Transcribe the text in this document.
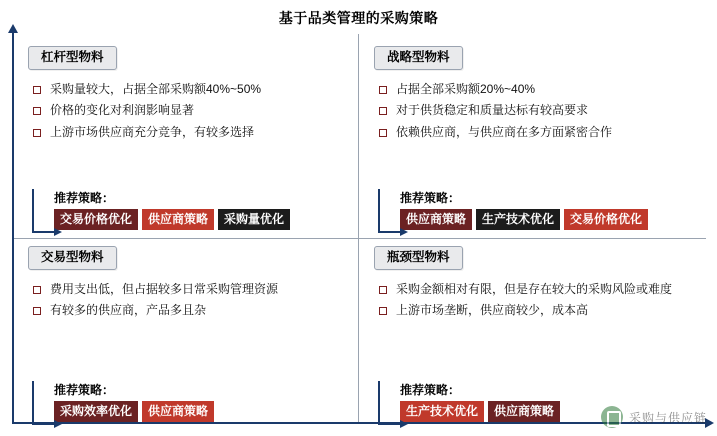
基于品类管理的采购策略
杠杆型物料
采购量较大，占据全部采购额40%~50%
价格的变化对利润影响显著
上游市场供应商充分竞争，有较多选择
推荐策略：
交易价格优化	供应商策略	采购量优化
战略型物料
占据全部采购额20%~40%
对于供货稳定和质量达标有较高要求
依赖供应商，与供应商在多方面紧密合作
推荐策略：
供应商策略	生产技术优化	交易价格优化
交易型物料
费用支出低，但占据较多日常采购管理资源
有较多的供应商，产品多且杂
推荐策略：
采购效率优化	供应商策略
瓶颈型物料
采购金额相对有限，但是存在较大的采购风险或难度
上游市场垄断，供应商较少，成本高
推荐策略：
生产技术优化	供应商策略	采购与供应链
